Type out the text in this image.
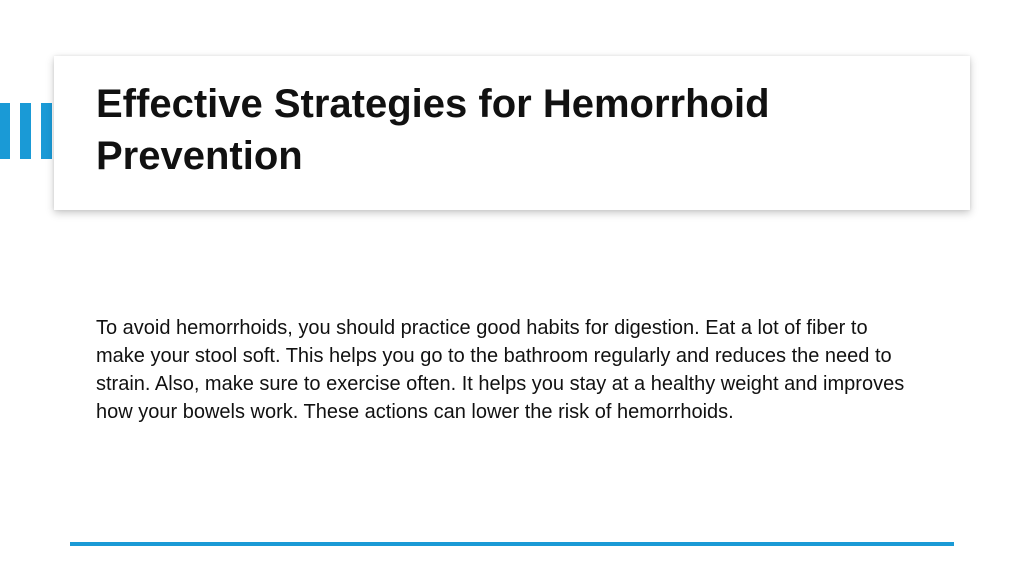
Effective Strategies for Hemorrhoid Prevention

To avoid hemorrhoids, you should practice good habits for digestion. Eat a lot of fiber to make your stool soft. This helps you go to the bathroom regularly and reduces the need to strain. Also, make sure to exercise often. It helps you stay at a healthy weight and improves how your bowels work. These actions can lower the risk of hemorrhoids.
